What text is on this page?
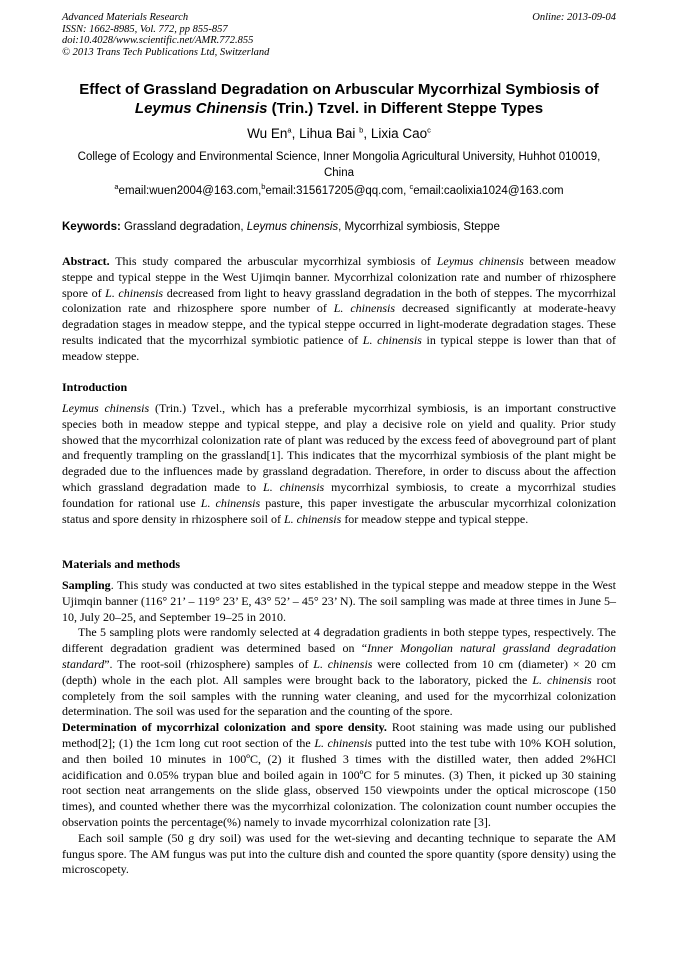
Advanced Materials Research
ISSN: 1662-8985, Vol. 772, pp 855-857
doi:10.4028/www.scientific.net/AMR.772.855
© 2013 Trans Tech Publications Ltd, Switzerland
Online: 2013-09-04
Effect of Grassland Degradation on Arbuscular Mycorrhizal Symbiosis of
Leymus Chinensis (Trin.) Tzvel. in Different Steppe Types
Wu En$^a$, Lihua Bai $^b$, Lixia Cao$^c$
College of Ecology and Environmental Science, Inner Mongolia Agricultural University, Huhhot 010019, China
$^a$email:wuen2004@163.com,$^b$email:315617205@qq.com, $^c$email:caolixia1024@163.com
Keywords: Grassland degradation, Leymus chinensis, Mycorrhizal symbiosis, Steppe

Abstract. This study compared the arbuscular mycorrhizal symbiosis of Leymus chinensis between meadow steppe and typical steppe in the West Ujimqin banner. Mycorrhizal colonization rate and number of rhizosphere spore of L. chinensis decreased from light to heavy grassland degradation in the both of steppes. The mycorrhizal colonization rate and rhizosphere spore number of L. chinensis decreased significantly at moderate-heavy degradation stages in meadow steppe, and the typical steppe occurred in light-moderate degradation stages. These results indicated that the mycorrhizal symbiotic patience of L. chinensis in typical steppe is lower than that of meadow steppe.

Introduction

Leymus chinensis (Trin.) Tzvel., which has a preferable mycorrhizal symbiosis, is an important constructive species both in meadow steppe and typical steppe, and play a decisive role on yield and quality. Prior study showed that the mycorrhizal colonization rate of plant was reduced by the excess feed of aboveground part of plant and frequently trampling on the grassland[1]. This indicates that the mycorrhizal symbiosis of the plant might be degraded due to the influences made by grassland degradation. Therefore, in order to discuss about the affection which grassland degradation made to L. chinensis mycorrhizal symbiosis, to create a mycorrhizal studies foundation for rational use L. chinensis pasture, this paper investigate the arbuscular mycorrhizal colonization status and spore density in rhizosphere soil of L. chinensis for meadow steppe and typical steppe.

Materials and methods

Sampling. This study was conducted at two sites established in the typical steppe and meadow steppe in the West Ujimqin banner (116° 21’ – 119° 23’ E, 43° 52’ – 45° 23’ N). The soil sampling was made at three times in June 5–10, July 20–25, and September 19–25 in 2010.

The 5 sampling plots were randomly selected at 4 degradation gradients in both steppe types, respectively. The different degradation gradient was determined based on “Inner Mongolian natural grassland degradation standard”. The root-soil (rhizosphere) samples of L. chinensis were collected from 10 cm (diameter) × 20 cm (depth) whole in the each plot. All samples were brought back to the laboratory, picked the L. chinensis root completely from the soil samples with the running water cleaning, and used for the mycorrhizal colonization determination. The soil was used for the separation and the counting of the spore.

Determination of mycorrhizal colonization and spore density. Root staining was made using our published method[2]; (1) the 1cm long cut root section of the L. chinensis putted into the test tube with 10% KOH solution, and then boiled 10 minutes in 100ºC, (2) it flushed 3 times with the distilled water, then added 2%HCl acidification and 0.05% trypan blue and boiled again in 100ºC for 5 minutes. (3) Then, it picked up 30 staining root section neat arrangements on the slide glass, observed 150 viewpoints under the optical microscope (150 times), and counted whether there was the mycorrhizal colonization. The colonization count number occupies the observation points the percentage(%) namely to invade mycorrhizal colonization rate [3].

Each soil sample (50 g dry soil) was used for the wet-sieving and decanting technique to separate the AM fungus spore. The AM fungus was put into the culture dish and counted the spore quantity (spore density) using the microscopety.
